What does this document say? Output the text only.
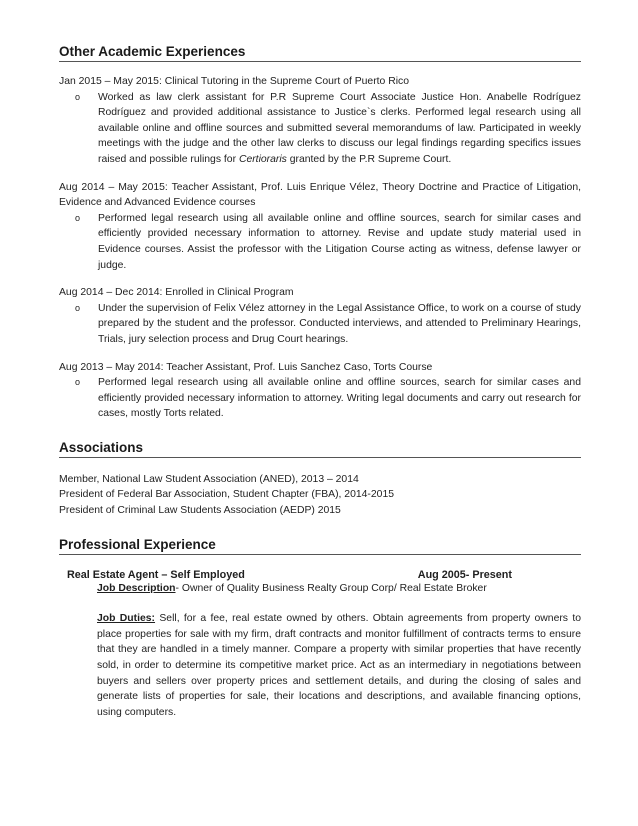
Other Academic Experiences
Jan 2015 – May 2015: Clinical Tutoring in the Supreme Court of Puerto Rico
o Worked as law clerk assistant for P.R Supreme Court Associate Justice Hon. Anabelle Rodríguez Rodríguez and provided additional assistance to Justice`s clerks. Performed legal research using all available online and offline sources and submitted several memorandums of law. Participated in weekly meetings with the judge and the other law clerks to discuss our legal findings regarding specifics issues raised and possible rulings for Certioraris granted by the P.R Supreme Court.
Aug 2014 – May 2015: Teacher Assistant, Prof. Luis Enrique Vélez, Theory Doctrine and Practice of Litigation, Evidence and Advanced Evidence courses
o Performed legal research using all available online and offline sources, search for similar cases and efficiently provided necessary information to attorney. Revise and update study material used in Evidence courses. Assist the professor with the Litigation Course acting as witness, defense lawyer or judge.
Aug 2014 – Dec 2014: Enrolled in Clinical Program
o Under the supervision of Felix Vélez attorney in the Legal Assistance Office, to work on a course of study prepared by the student and the professor. Conducted interviews, and attended to Preliminary Hearings, Trials, jury selection process and Drug Court hearings.
Aug 2013 – May 2014: Teacher Assistant, Prof. Luis Sanchez Caso, Torts Course
o Performed legal research using all available online and offline sources, search for similar cases and efficiently provided necessary information to attorney. Writing legal documents and carry out research for cases, mostly Torts related.
Associations
Member, National Law Student Association (ANED), 2013 – 2014
President of Federal Bar Association, Student Chapter (FBA), 2014-2015
President of Criminal Law Students Association (AEDP) 2015
Professional Experience
Real Estate Agent – Self Employed	Aug 2005- Present
Job Description- Owner of Quality Business Realty Group Corp/ Real Estate Broker
Job Duties: Sell, for a fee, real estate owned by others. Obtain agreements from property owners to place properties for sale with my firm, draft contracts and monitor fulfillment of contracts terms to ensure that they are handled in a timely manner. Compare a property with similar properties that have recently sold, in order to determine its competitive market price. Act as an intermediary in negotiations between buyers and sellers over property prices and settlement details, and during the closing of sales and generate lists of properties for sale, their locations and descriptions, and available financing options, using computers.
